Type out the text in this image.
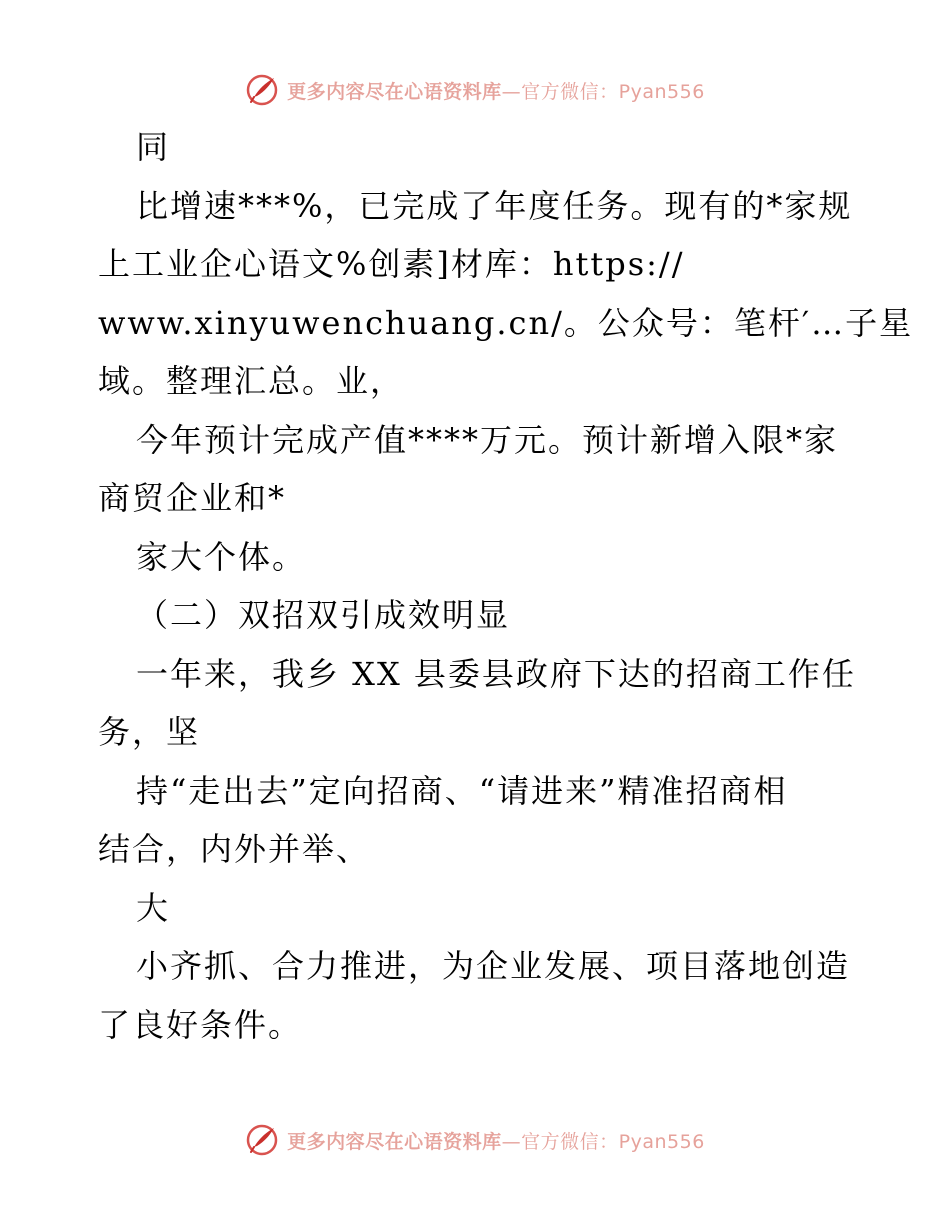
更多内容尽在心语资料库—官方微信：Pyan556
同
比增速***%，已完成了年度任务。现有的*家规
上工业企心语文%创素]材库：https://
www.xinyuwenchuang.cn/。公众号：笔杆′…子星
域。整理汇总。业，
今年预计完成产值****万元。预计新增入限*家
商贸企业和*
家大个体。
（二）双招双引成效明显
一年来，我乡 XX 县委县政府下达的招商工作任
务，坚
持“走出去”定向招商、“请进来”精准招商相
结合，内外并举、
大
小齐抓、合力推进，为企业发展、项目落地创造
了良好条件。
更多内容尽在心语资料库—官方微信：Pyan556
